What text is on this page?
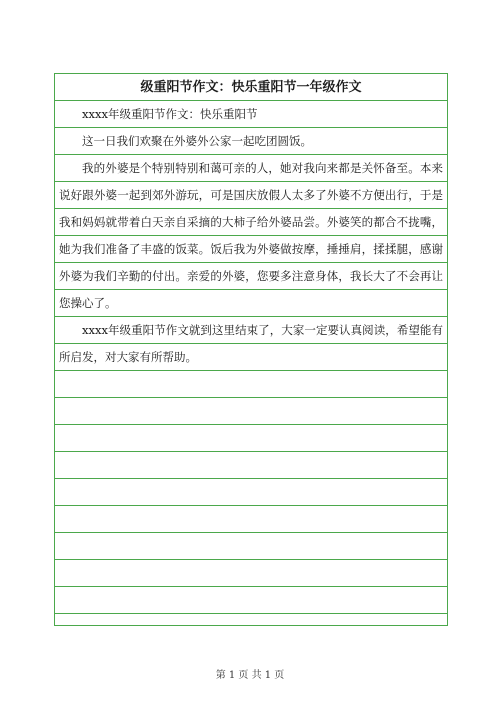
级重阳节作文：快乐重阳节一年级作文

xxxx年级重阳节作文：快乐重阳节

这一日我们欢聚在外婆外公家一起吃团圆饭。

我的外婆是个特别特别和蔼可亲的人，她对我向来都是关怀备至。本来说好跟外婆一起到郊外游玩，可是国庆放假人太多了外婆不方便出行，于是我和妈妈就带着白天亲自采摘的大柿子给外婆品尝。外婆笑的都合不拢嘴，她为我们准备了丰盛的饭菜。饭后我为外婆做按摩，捶捶肩，揉揉腿，感谢外婆为我们辛勤的付出。亲爱的外婆，您要多注意身体，我长大了不会再让您操心了。

xxxx年级重阳节作文就到这里结束了，大家一定要认真阅读，希望能有所启发，对大家有所帮助。

第 1 页 共 1 页
